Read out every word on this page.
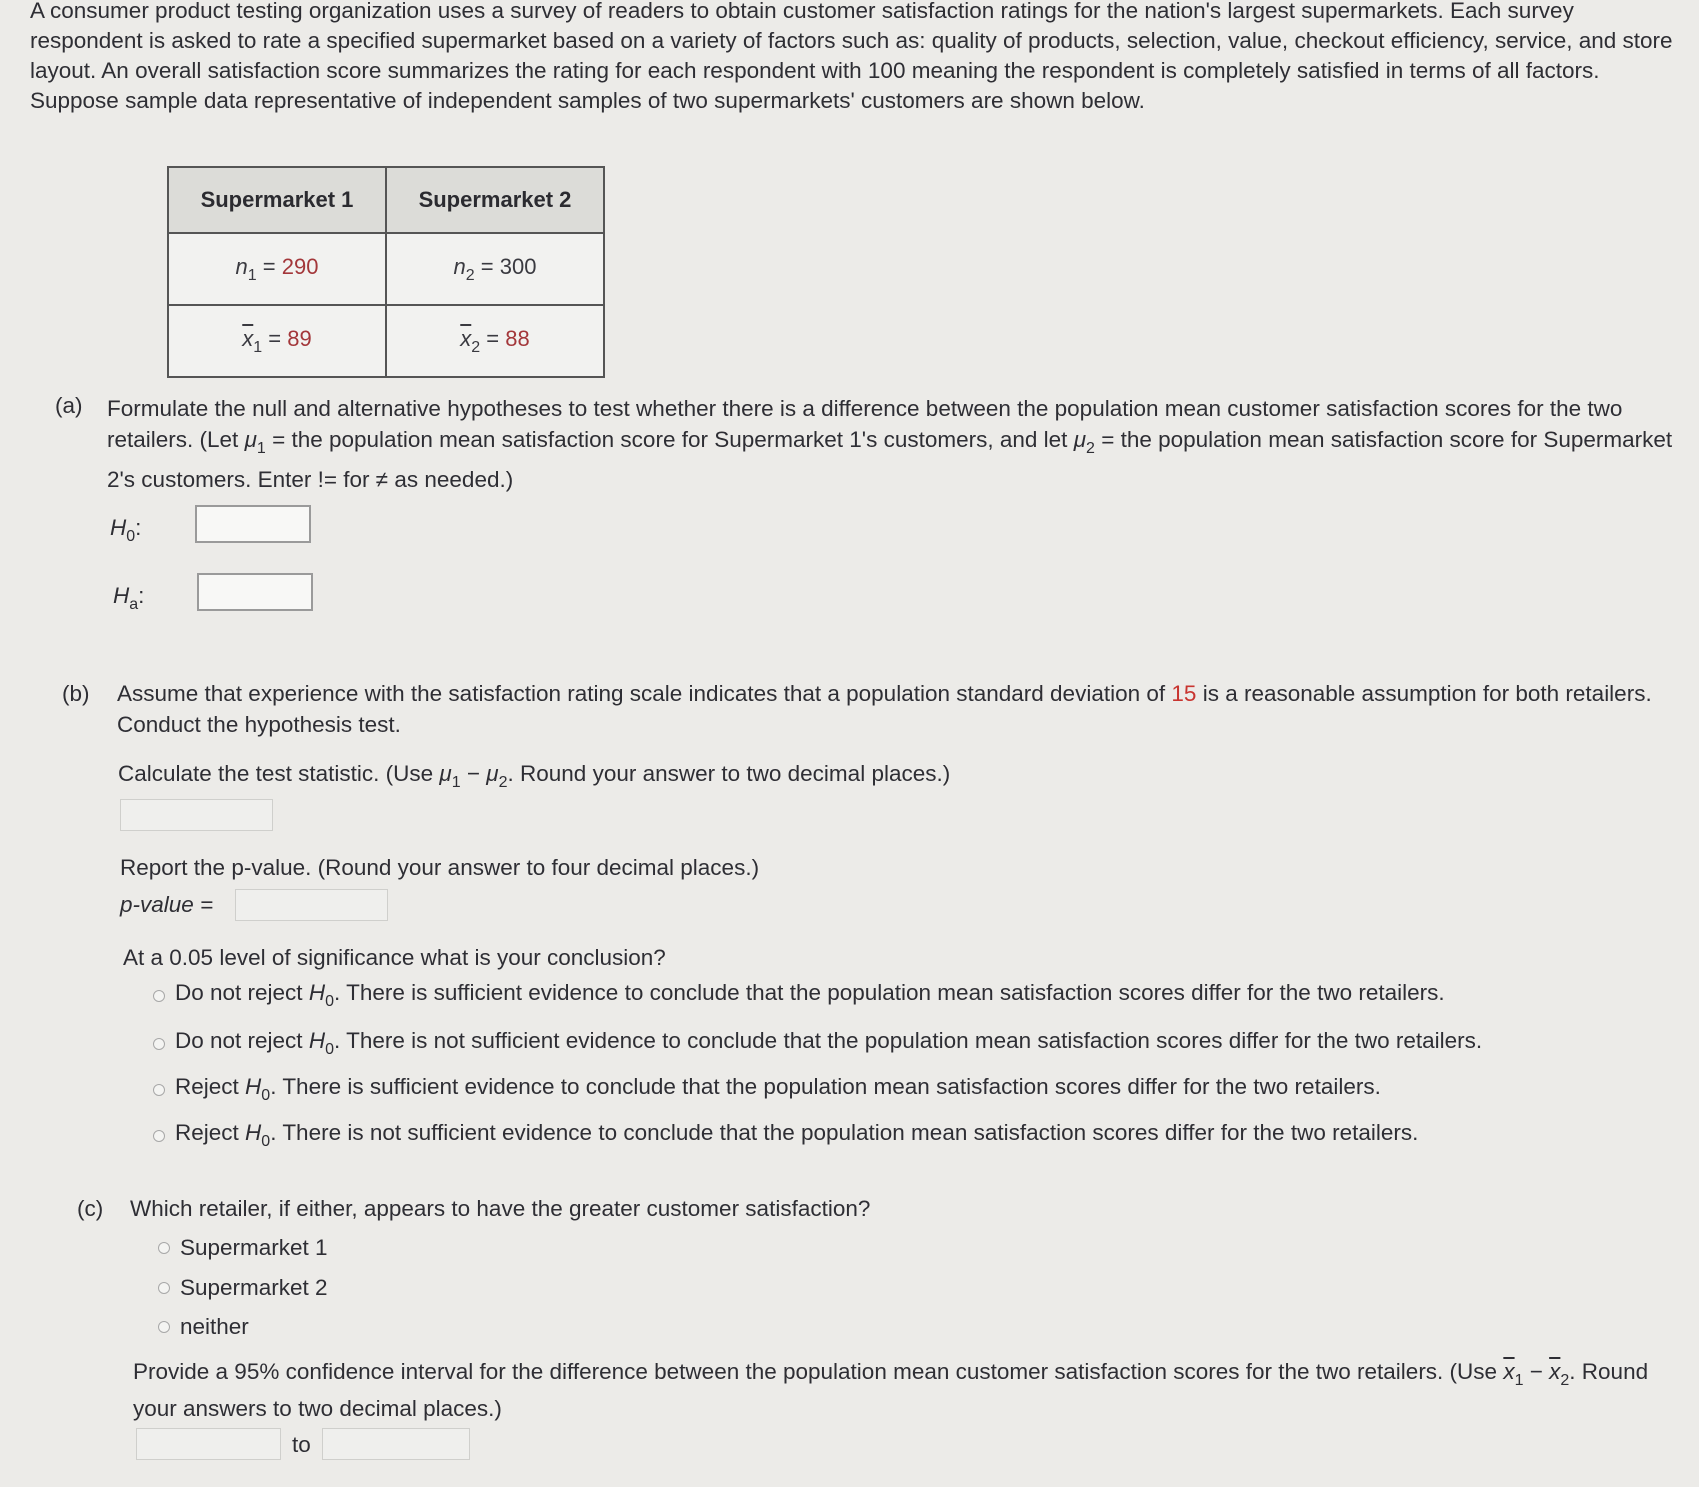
A consumer product testing organization uses a survey of readers to obtain customer satisfaction ratings for the nation's largest supermarkets. Each survey respondent is asked to rate a specified supermarket based on a variety of factors such as: quality of products, selection, value, checkout efficiency, service, and store layout. An overall satisfaction score summarizes the rating for each respondent with 100 meaning the respondent is completely satisfied in terms of all factors. Suppose sample data representative of independent samples of two supermarkets' customers are shown below.

Supermarket 1	Supermarket 2
$n_1 = 290$	$n_2 = 300$
$\overline{x}_1 = 89$	$\overline{x}_2 = 88$
(a) Formulate the null and alternative hypotheses to test whether there is a difference between the population mean customer satisfaction scores for the two retailers. (Let $\mu_1$ = the population mean satisfaction score for Supermarket 1's customers, and let $\mu_2$ = the population mean satisfaction score for Supermarket 2's customers. Enter != for ≠ as needed.)

$H_0$:
$H_a$:
(b) Assume that experience with the satisfaction rating scale indicates that a population standard deviation of 15 is a reasonable assumption for both retailers. Conduct the hypothesis test.

Calculate the test statistic. (Use $\mu_1 - \mu_2$. Round your answer to two decimal places.)

Report the p-value. (Round your answer to four decimal places.)

p-value =

At a 0.05 level of significance what is your conclusion?

Do not reject $H_0$. There is sufficient evidence to conclude that the population mean satisfaction scores differ for the two retailers.
Do not reject $H_0$. There is not sufficient evidence to conclude that the population mean satisfaction scores differ for the two retailers.
Reject $H_0$. There is sufficient evidence to conclude that the population mean satisfaction scores differ for the two retailers.
Reject $H_0$. There is not sufficient evidence to conclude that the population mean satisfaction scores differ for the two retailers.
(c) Which retailer, if either, appears to have the greater customer satisfaction?
Supermarket 1
Supermarket 2
neither

Provide a 95% confidence interval for the difference between the population mean customer satisfaction scores for the two retailers. (Use $\overline{x}_1 - \overline{x}_2$. Round your answers to two decimal places.)

to
